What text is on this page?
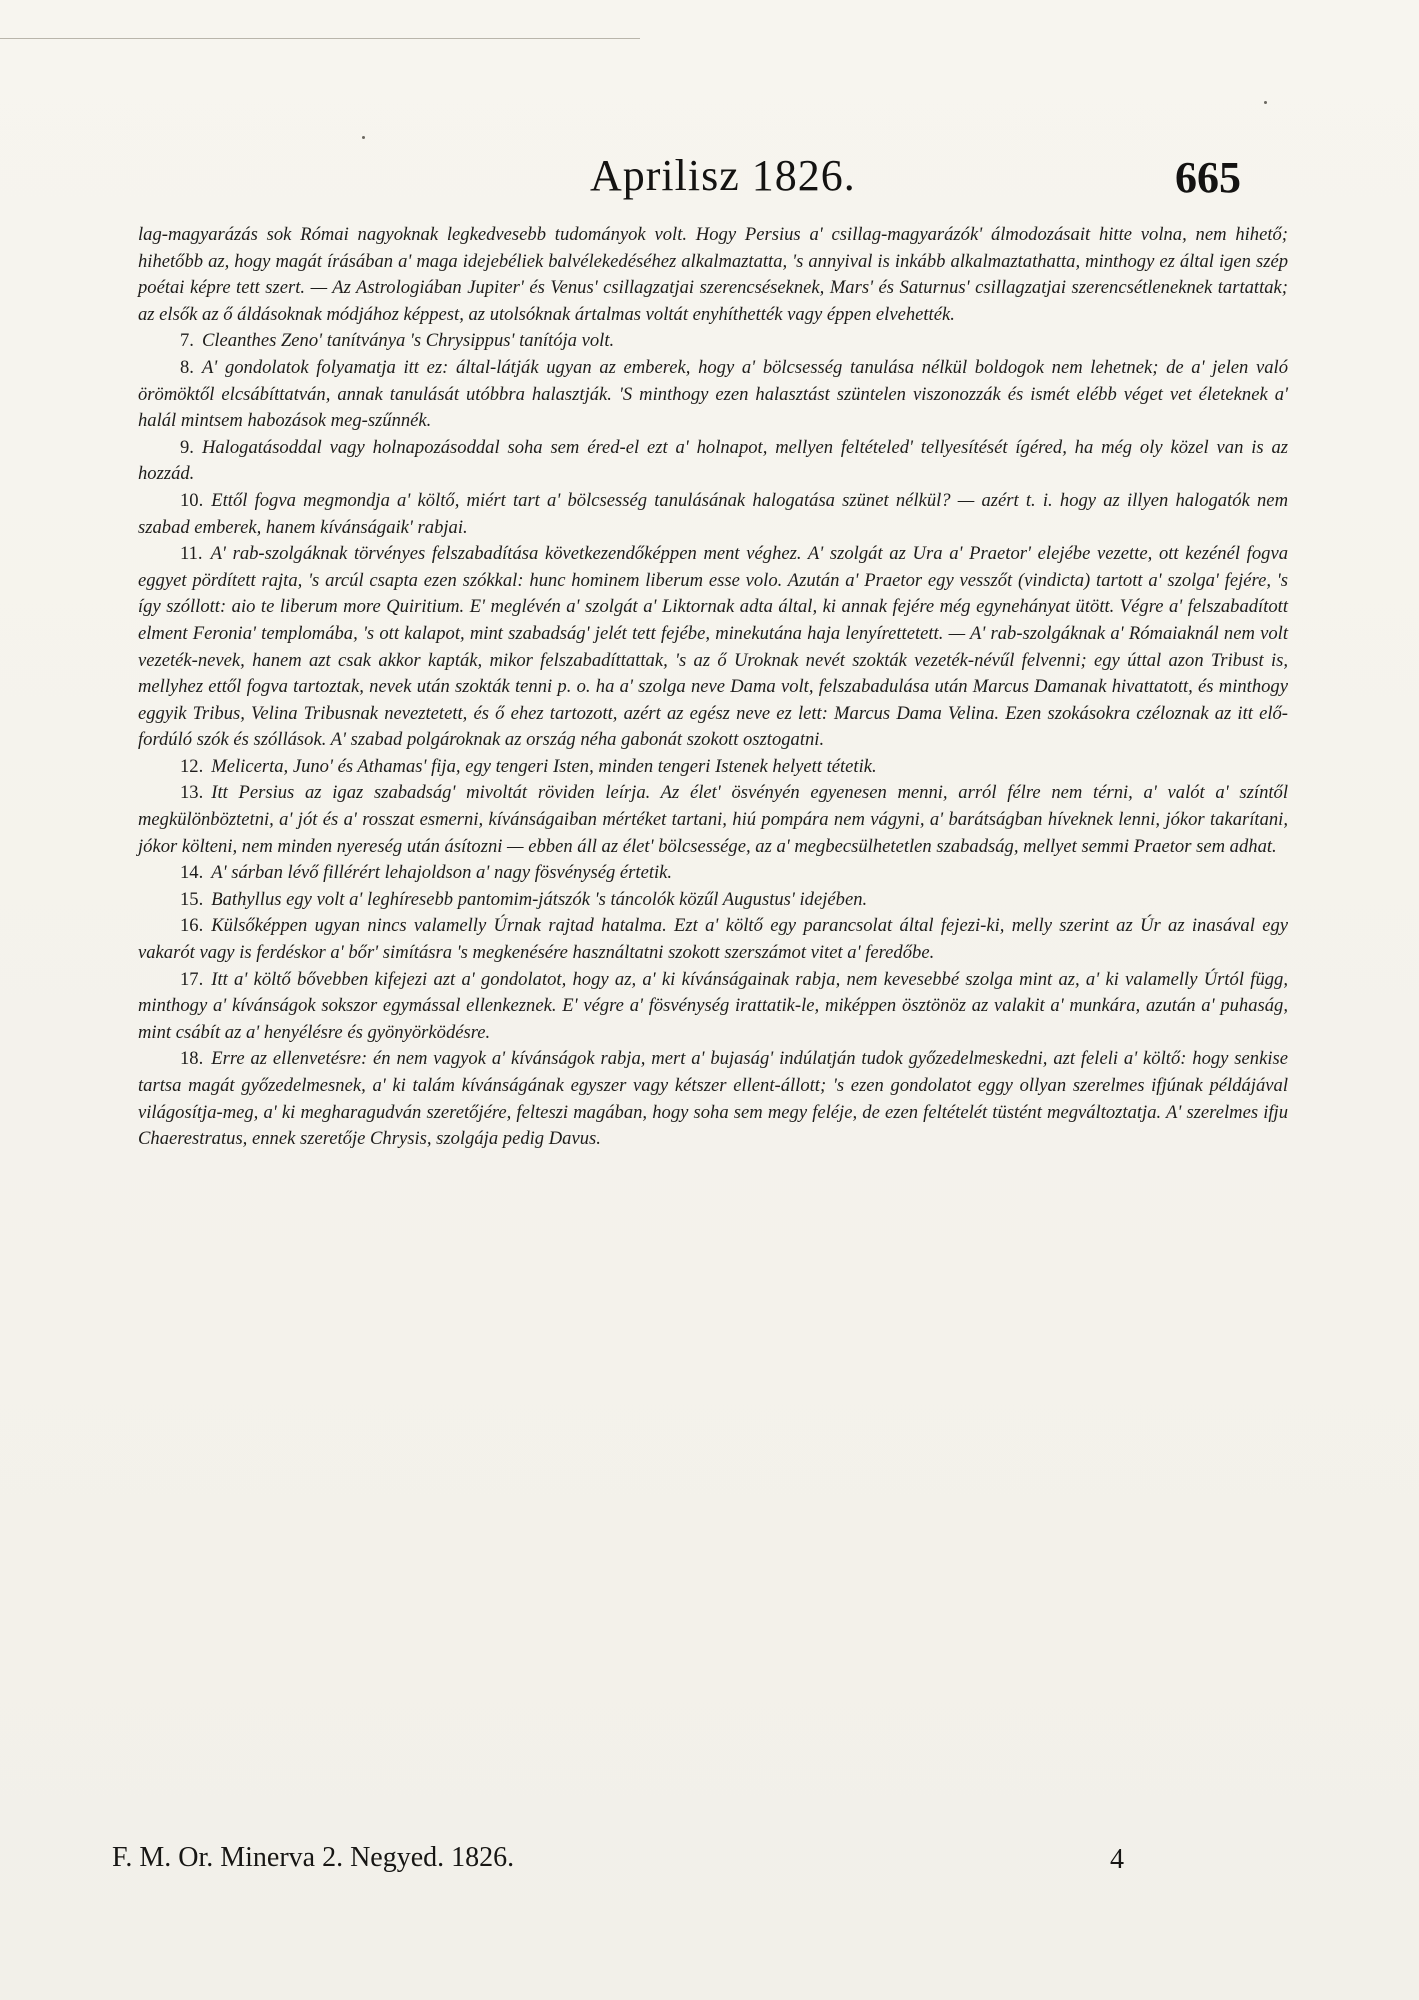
Aprilisz 1826.	665

lag-magyarázás sok Római nagyoknak legkedvesebb tudományok volt. Hogy Persius a' csillag-magyarázók' álmodozásait hitte volna, nem hihető; hihetőbb az, hogy magát írásában a' maga idejebéliek balvélekedéséhez alkalmaztatta, 's annyival is inkább alkalmaztathatta, minthogy ez által igen szép poétai képre tett szert. — Az Astrologiában Jupiter' és Venus' csillagzatjai szerencséseknek, Mars' és Saturnus' csillagzatjai szerencsétleneknek tartattak; az elsők az ő áldásoknak módjához képpest, az utolsóknak ártalmas voltát enyhíthették vagy éppen elvehették.

7. Cleanthes Zeno' tanítványa 's Chrysippus' tanítója volt.

8. A' gondolatok folyamatja itt ez: által-látják ugyan az emberek, hogy a' bölcsesség tanulása nélkül boldogok nem lehetnek; de a' jelen való örömöktől elcsábíttatván, annak tanulását utóbbra halasztják. 'S minthogy ezen halasztást szüntelen viszonozzák és ismét elébb véget vet életeknek a' halál mintsem habozások meg-szűnnék.

9. Halogatásoddal vagy holnapozásoddal soha sem éred-el ezt a' holnapot, mellyen feltételed' tellyesítését ígéred, ha még oly közel van is az hozzád.

10. Ettől fogva megmondja a' költő, miért tart a' bölcsesség tanulásának halogatása szünet nélkül? — azért t. i. hogy az illyen halogatók nem szabad emberek, hanem kívánságaik' rabjai.

11. A' rab-szolgáknak törvényes felszabadítása következendőképpen ment véghez. A' szolgát az Ura a' Praetor' elejébe vezette, ott kezénél fogva eggyet pördített rajta, 's arcúl csapta ezen szókkal: hunc hominem liberum esse volo. Azután a' Praetor egy vesszőt (vindicta) tartott a' szolga' fejére, 's így szóllott: aio te liberum more Quiritium. E' meglévén a' szolgát a' Liktornak adta által, ki annak fejére még egynehányat ütött. Végre a' felszabadított elment Feronia' templomába, 's ott kalapot, mint szabadság' jelét tett fejébe, minekutána haja lenyírettetett. — A' rab-szolgáknak a' Rómaiaknál nem volt vezeték-nevek, hanem azt csak akkor kapták, mikor felszabadíttattak, 's az ő Uroknak nevét szokták vezeték-névűl felvenni; egy úttal azon Tribust is, mellyhez ettől fogva tartoztak, nevek után szokták tenni p. o. ha a' szolga neve Dama volt, felszabadulása után Marcus Damanak hivattatott, és minthogy eggyik Tribus, Velina Tribusnak neveztetett, és ő ehez tartozott, azért az egész neve ez lett: Marcus Dama Velina. Ezen szokásokra czéloznak az itt elő-fordúló szók és szóllások. A' szabad polgároknak az ország néha gabonát szokott osztogatni.

12. Melicerta, Juno' és Athamas' fija, egy tengeri Isten, minden tengeri Istenek helyett tétetik.

13. Itt Persius az igaz szabadság' mivoltát röviden leírja. Az élet' ösvényén egyenesen menni, arról félre nem térni, a' valót a' színtől megkülönböztetni, a' jót és a' rosszat esmerni, kívánságaiban mértéket tartani, hiú pompára nem vágyni, a' barátságban híveknek lenni, jókor takarítani, jókor költeni, nem minden nyereség után ásítozni — ebben áll az élet' bölcsessége, az a' megbecsülhetetlen szabadság, mellyet semmi Praetor sem adhat.

14. A' sárban lévő fillérért lehajoldson a' nagy fösvénység értetik.

15. Bathyllus egy volt a' leghíresebb pantomim-játszók 's táncolók közűl Augustus' idejében.

16. Külsőképpen ugyan nincs valamelly Úrnak rajtad hatalma. Ezt a' költő egy parancsolat által fejezi-ki, melly szerint az Úr az inasával egy vakarót vagy is ferdéskor a' bőr' simításra 's megkenésére használtatni szokott szerszámot vitet a' feredőbe.

17. Itt a' költő bővebben kifejezi azt a' gondolatot, hogy az, a' ki kívánságainak rabja, nem kevesebbé szolga mint az, a' ki valamelly Úrtól függ, minthogy a' kívánságok sokszor egymással ellenkeznek. E' végre a' fösvénység irattatik-le, miképpen ösztönöz az valakit a' munkára, azután a' puhaság, mint csábít az a' henyélésre és gyönyörködésre.

18. Erre az ellenvetésre: én nem vagyok a' kívánságok rabja, mert a' bujaság' indúlatján tudok győzedelmeskedni, azt feleli a' költő: hogy senkise tartsa magát győzedelmesnek, a' ki talám kívánságának egyszer vagy kétszer ellent-állott; 's ezen gondolatot eggy ollyan szerelmes ifjúnak példájával világosítja-meg, a' ki megharagudván szeretőjére, felteszi magában, hogy soha sem megy feléje, de ezen feltételét tüstént megváltoztatja. A' szerelmes ifju Chaerestratus, ennek szeretője Chrysis, szolgája pedig Davus.

F. M. Or. Minerva 2. Negyed. 1826.	4
